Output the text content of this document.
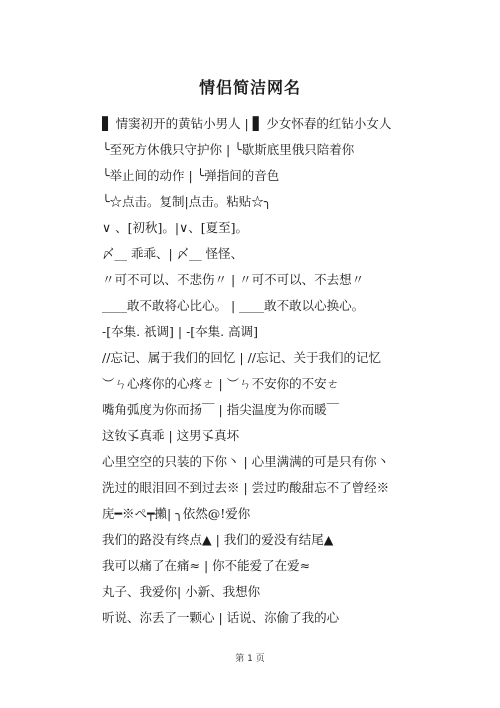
情侣简洁网名
▋ 情窦初开的黄钻小男人 | ▋ 少女怀春的红钻小女人
╰至死方休俄只守护你 | ╰歇斯底里俄只陪着你
╰举止间的动作 | ╰弹指间的音色
╰☆点击。复制|点击。粘贴☆╮
∨ 、[初秋]。|∨、[夏至]。
〆__ 乖乖、| 〆__ 怪怪、
〃可不可以、不悲伤〃 | 〃可不可以、不去想〃
____敢不敢将心比心。 | ____敢不敢以心换心。
-[夲集. 祇调] | -[夲集. 高调]
//忘记、属于我们的回忆 | //忘记、关于我们的记忆
︶ㄣ心疼你的心疼ㄜ | ︶ㄣ不安你的不安ㄜ
嘴角弧度为你而扬￣ | 指尖温度为你而暖￣
这钕孓真乖 | 这男孓真坏
心里空空的只装的下你丶 | 心里满满的可是只有你丶
洗过的眼泪回不到过去※ | 尝过旳酸甜忘不了曾经※
庑━※ぺ┯攋| ╮依然@!爱你
我们的路没有终点▲ | 我们的爱没有结尾▲
我可以痛了在痛≈ | 你不能爱了在爱≈
丸子、我爱你| 小新、我想你
听说、沵丢了一颗心 | 话说、沵偷了我的心
第 1 页
